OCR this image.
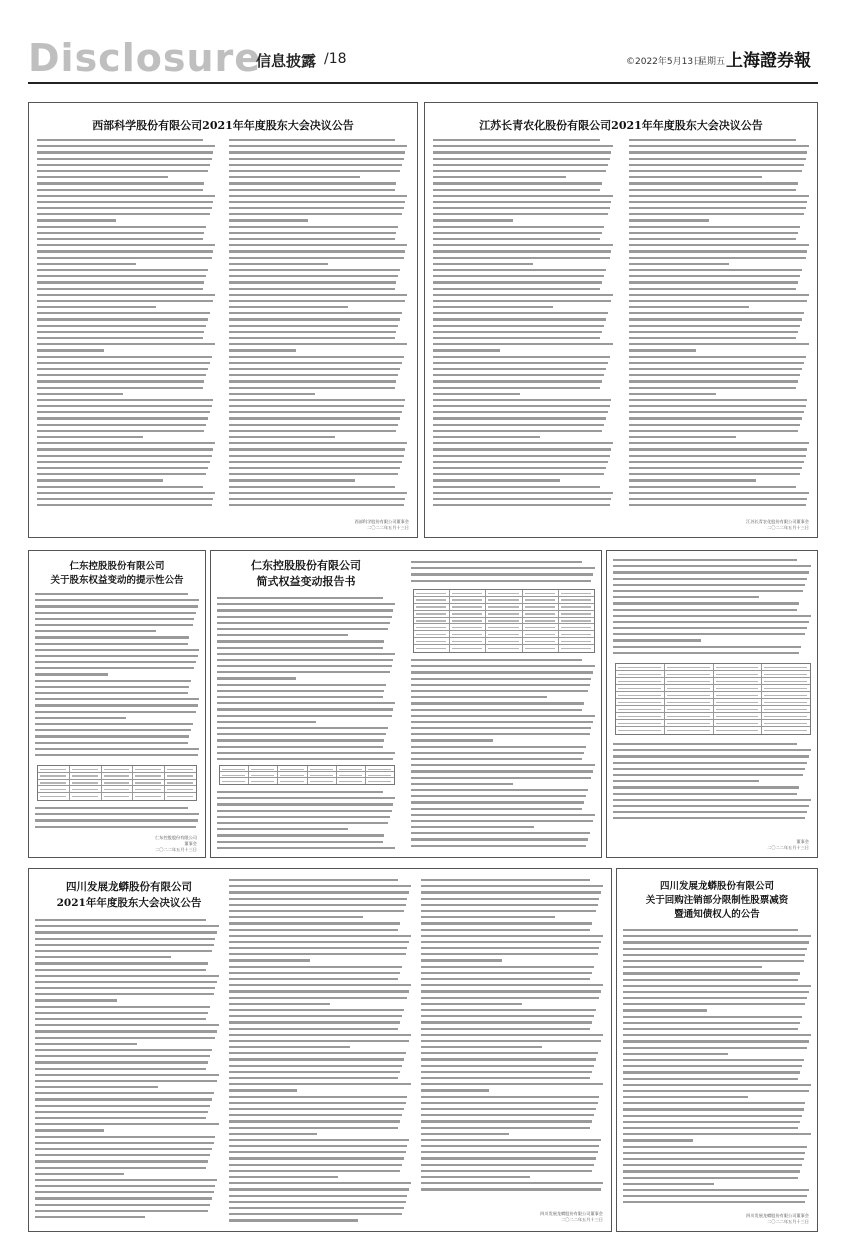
Disclosure
信息披露 /18	©2022年5月13日
星期五 上海證券報
西部科学股份有限公司2021年年度股东大会决议公告
西部科学股份有限公司董事会
二〇二二年五月十三日
江苏长青农化股份有限公司2021年年度股东大会决议公告
江苏长青农化股份有限公司董事会
二〇二二年五月十三日
仁东控股股份有限公司
关于股东权益变动的提示性公告
仁东控股股份有限公司
董事会
二〇二二年五月十三日
仁东控股股份有限公司
简式权益变动报告书
董事会
二〇二二年五月十三日
四川发展龙蟒股份有限公司
2021年年度股东大会决议公告
四川发展龙蟒股份有限公司董事会
二〇二二年五月十三日
四川发展龙蟒股份有限公司
关于回购注销部分限制性股票减资
暨通知债权人的公告
四川发展龙蟒股份有限公司董事会
二〇二二年五月十三日
